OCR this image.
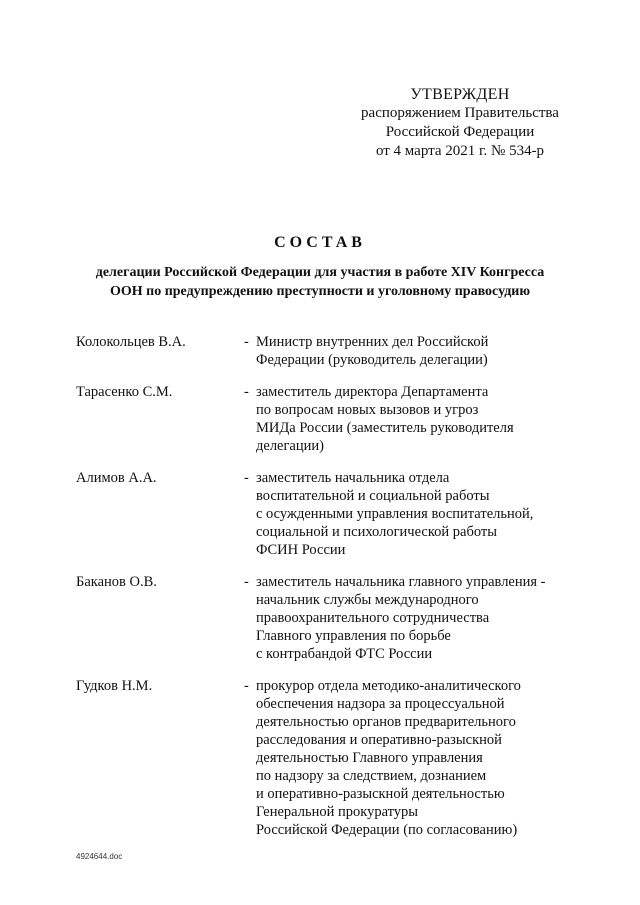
УТВЕРЖДЕН
распоряжением Правительства
Российской Федерации
от 4 марта 2021 г. № 534-р
СОСТАВ
делегации Российской Федерации для участия в работе XIV Конгресса
ООН по предупреждению преступности и уголовному правосудию
Колокольцев В.А.	- Министр внутренних дел Российской
Федерации (руководитель делегации)
Тарасенко С.М.	- заместитель директора Департамента
по вопросам новых вызовов и угроз
МИДа России (заместитель руководителя
делегации)
Алимов А.А.	- заместитель начальника отдела
воспитательной и социальной работы
с осужденными управления воспитательной,
социальной и психологической работы
ФСИН России
Баканов О.В.	- заместитель начальника главного управления -
начальник службы международного
правоохранительного сотрудничества
Главного управления по борьбе
с контрабандой ФТС России
Гудков Н.М.	- прокурор отдела методико-аналитического
обеспечения надзора за процессуальной
деятельностью органов предварительного
расследования и оперативно-разыскной
деятельностью Главного управления
по надзору за следствием, дознанием
и оперативно-разыскной деятельностью
Генеральной прокуратуры
Российской Федерации (по согласованию)
4924644.doc
